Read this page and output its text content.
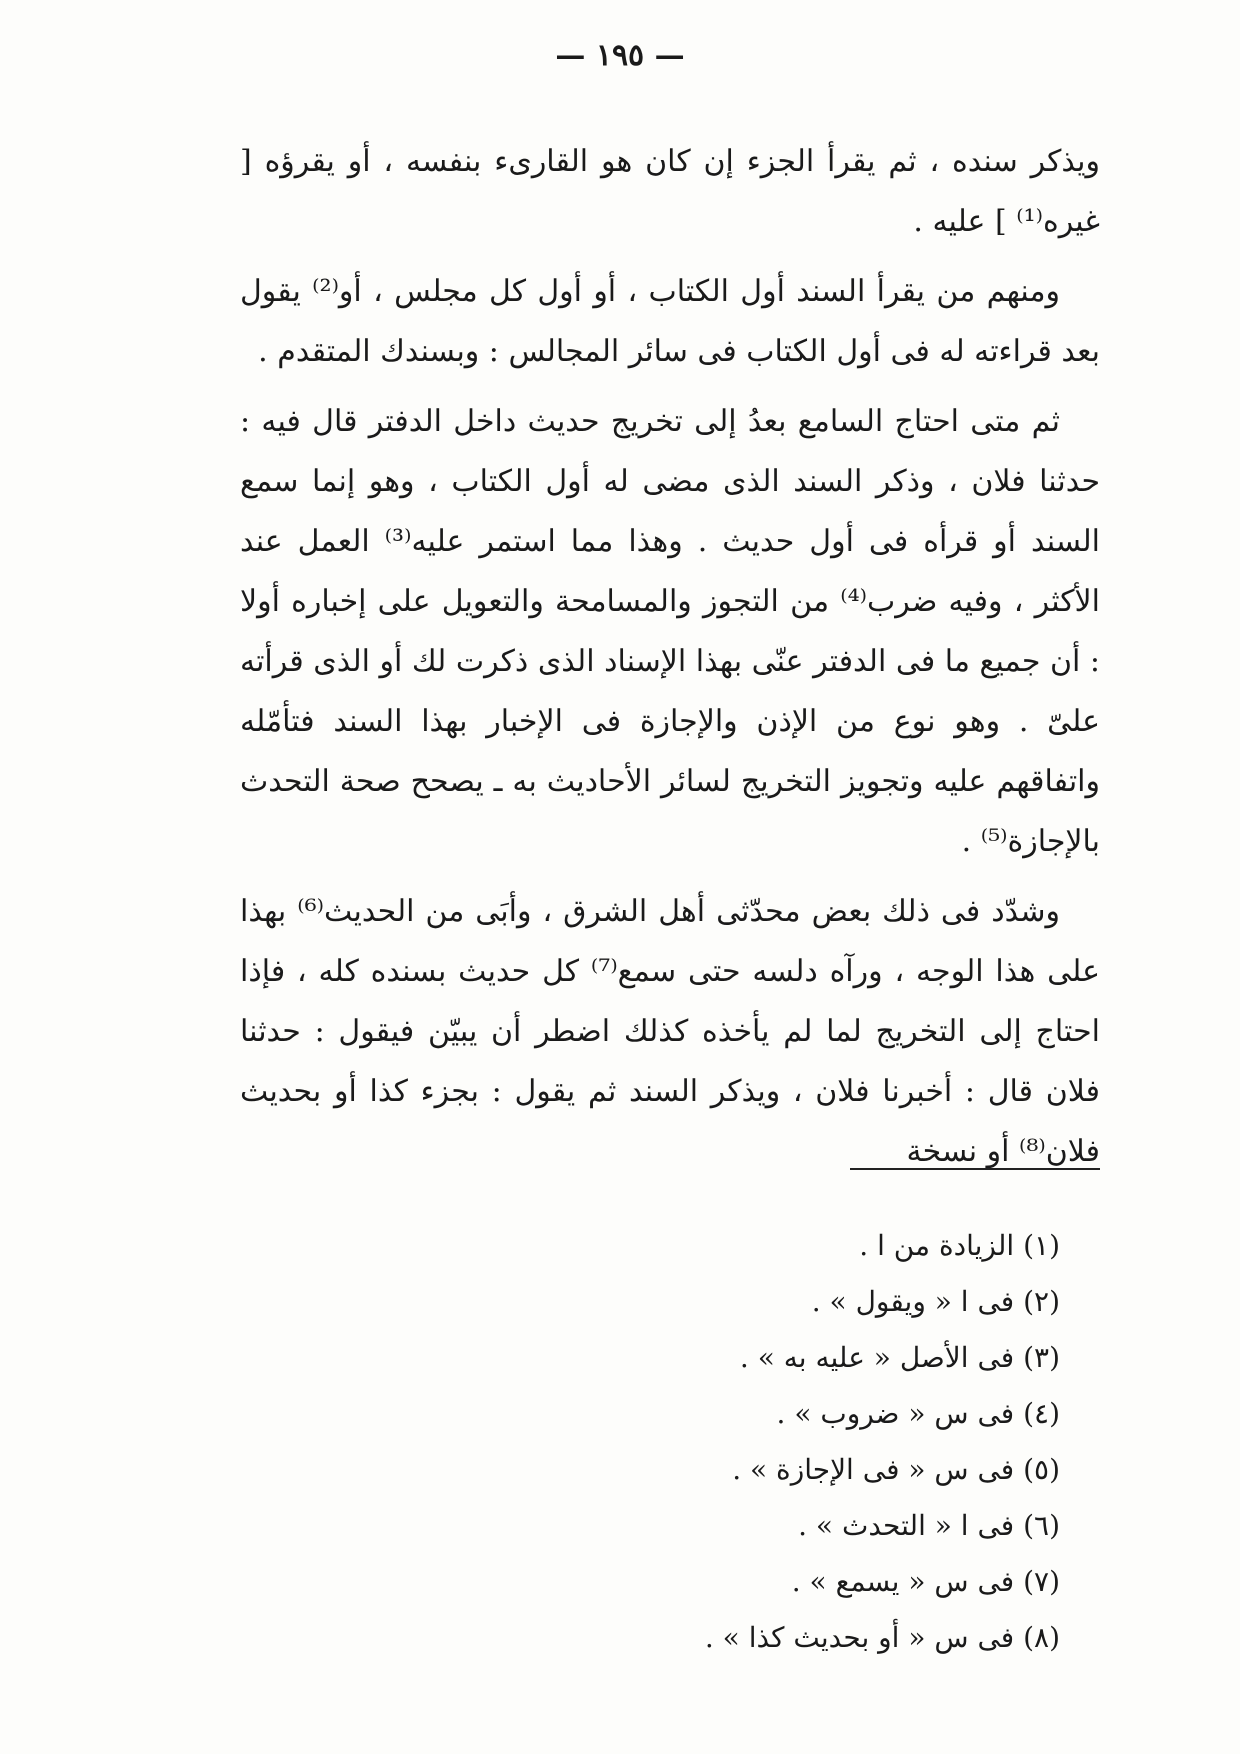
— ١٩٥ —

ويذكر سنده ، ثم يقرأ الجزء إن كان هو القارىء بنفسه ، أو يقرؤه [ غيره⁽¹⁾ ] عليه .

ومنهم من يقرأ السند أول الكتاب ، أو أول كل مجلس ، أو⁽²⁾ يقول بعد قراءته له فى أول الكتاب فى سائر المجالس : وبسندك المتقدم .

ثم متى احتاج السامع بعدُ إلى تخريج حديث داخل الدفتر قال فيه : حدثنا فلان ، وذكر السند الذى مضى له أول الكتاب ، وهو إنما سمع السند أو قرأه فى أول حديث . وهذا مما استمر عليه⁽³⁾ العمل عند الأكثر ، وفيه ضرب⁽⁴⁾ من التجوز والمسامحة والتعويل على إخباره أولا : أن جميع ما فى الدفتر عنّى بهذا الإسناد الذى ذكرت لك أو الذى قرأته علىّ . وهو نوع من الإذن والإجازة فى الإخبار بهذا السند فتأمّله واتفاقهم عليه وتجويز التخريج لسائر الأحاديث به ـ يصحح صحة التحدث بالإجازة⁽⁵⁾ .

وشدّد فى ذلك بعض محدّثى أهل الشرق ، وأبَى من الحديث⁽⁶⁾ بهذا على هذا الوجه ، ورآه دلسه حتى سمع⁽⁷⁾ كل حديث بسنده كله ، فإذا احتاج إلى التخريج لما لم يأخذه كذلك اضطر أن يبيّن فيقول : حدثنا فلان قال : أخبرنا فلان ، ويذكر السند ثم يقول : بجزء كذا أو بحديث فلان⁽⁸⁾ أو نسخة

(١) الزيادة من ا .
(٢) فى ا « ويقول » .
(٣) فى الأصل « عليه به » .
(٤) فى س « ضروب » .
(٥) فى س « فى الإجازة » .
(٦) فى ا « التحدث » .
(٧) فى س « يسمع » .
(٨) فى س « أو بحديث كذا » .
